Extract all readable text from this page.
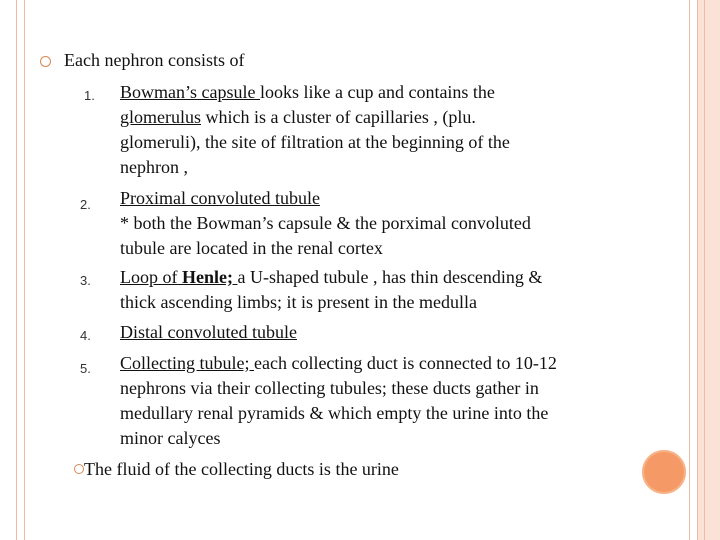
Each nephron consists of
1. Bowman’s capsule looks like a cup and contains the
glomerulus which is a cluster of capillaries , (plu.
glomeruli), the site of filtration at the beginning of the
nephron ,
2. Proximal convoluted tubule
* both the Bowman’s capsule & the porximal convoluted
tubule are located in the renal cortex
3. Loop of Henle; a U-shaped tubule , has thin descending &
thick ascending limbs; it is present in the medulla
4. Distal convoluted tubule
5. Collecting tubule; each collecting duct is connected to 10-12
nephrons via their collecting tubules; these ducts gather in
medullary renal pyramids & which empty the urine into the
minor calyces
The fluid of the collecting ducts is the urine
